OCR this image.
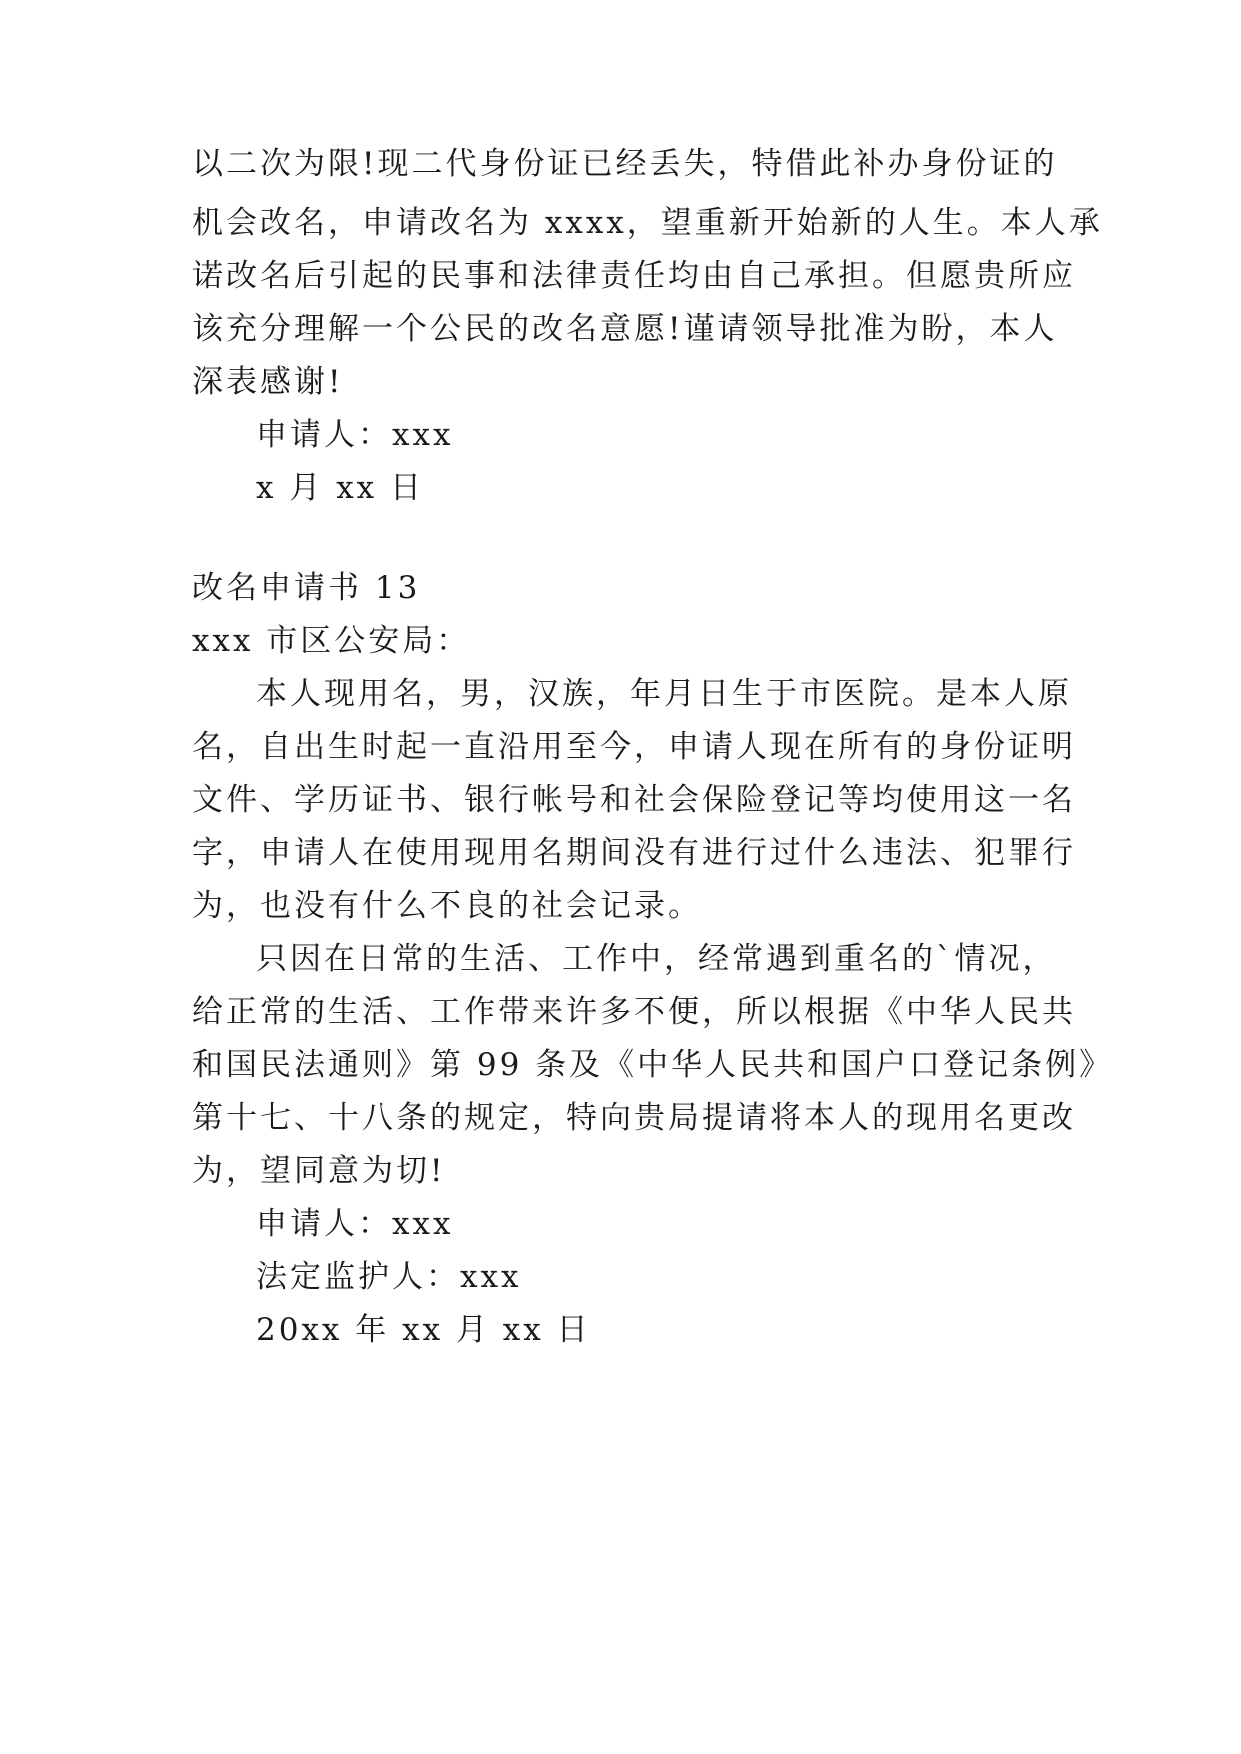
以二次为限!现二代身份证已经丢失，特借此补办身份证的
机会改名，申请改名为 xxxx，望重新开始新的人生。本人承
诺改名后引起的民事和法律责任均由自己承担。但愿贵所应
该充分理解一个公民的改名意愿!谨请领导批准为盼，本人
深表感谢!
申请人：xxx
x 月 xx 日
改名申请书 13
xxx 市区公安局：
本人现用名，男，汉族，年月日生于市医院。是本人原
名，自出生时起一直沿用至今，申请人现在所有的身份证明
文件、学历证书、银行帐号和社会保险登记等均使用这一名
字，申请人在使用现用名期间没有进行过什么违法、犯罪行
为，也没有什么不良的社会记录。
只因在日常的生活、工作中，经常遇到重名的`情况，
给正常的生活、工作带来许多不便，所以根据《中华人民共
和国民法通则》第 99 条及《中华人民共和国户口登记条例》
第十七、十八条的规定，特向贵局提请将本人的现用名更改
为，望同意为切!
申请人：xxx
法定监护人：xxx
20xx 年 xx 月 xx 日
